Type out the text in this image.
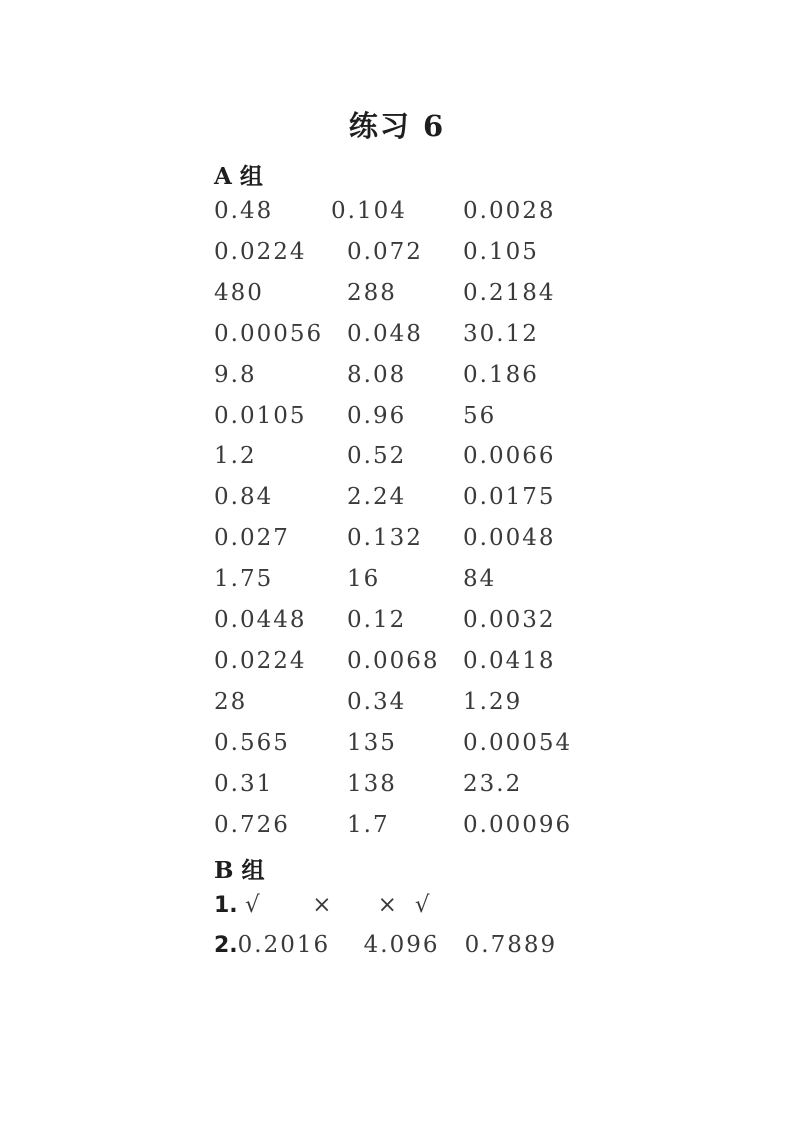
练习 6
A 组
0.48	0.104 0.0028
0.0224 0.072 0.105
480	288	0.2184
0.00056 0.048 30.12
9.8	8.08 0.186
0.0105 0.96 56
1.2	0.52 0.0066
0.84	2.24 0.0175
0.027 0.132 0.0048
1.75	16	84
0.0448 0.12 0.0032
0.0224 0.0068 0.0418
28	0.34 1.29
0.565 135	0.00054
0.31	138	23.2
0.726 1.7	0.00096
B 组
1. √ × × √
2.0.2016 4.096 0.7889
